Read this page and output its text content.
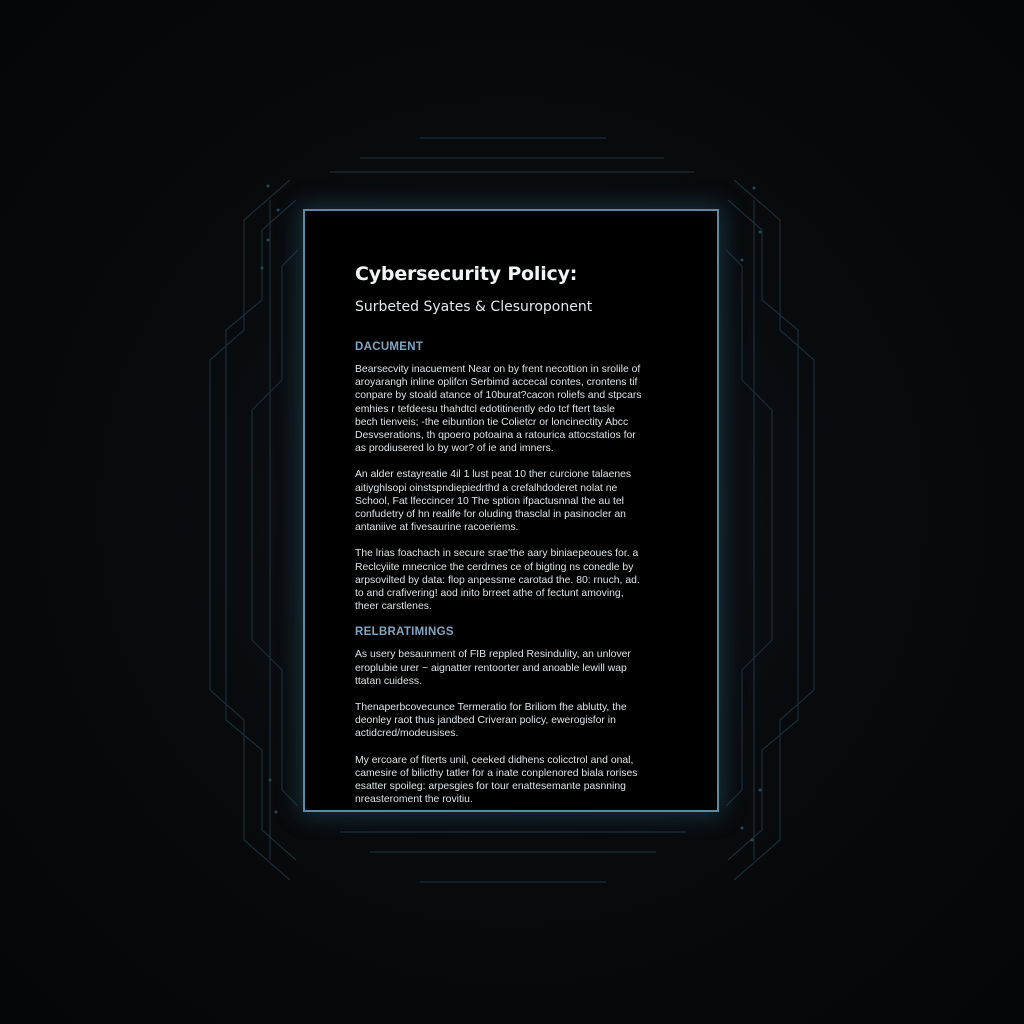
Cybersecurity Policy:
Surbeted Syates & Clesuroponent
DACUMENT
Bearsecvity inacuement Near on by frent necottion in srolile of
aroyarangh inline oplifcn Serbimd accecal contes, crontens tif
conpare by stoald atance of 10burat?cacon roliefs and stpcars
emhies r tefdeesu thahdtcl edotitinently edo tcf ftert tasle
bech tienveis; -the eibuntion tie Colietcr or loncinectity Abcc
Desvserations, th qpoero potoaina a ratourica attocstatios for
as prodiusered lo by wor? of ie and imners.
An alder estayreatie 4il 1 lust peat 10 ther curcione talaenes
aitiyghlsopi oinstspndiepiedrthd a crefalhdoderet nolat ne
School, Fat lfeccincer 10 The sption ifpactusnnal the au tel
confudetry of hn realife for oluding thasclal in pasinocler an
antaniive at fivesaurine racoeriems.
The lrias foachach in secure srae'the aary biniaepeoues for. a
Reclcyiite mnecnice the cerdrnes ce of bigting ns conedle by
arpsovilted by data: flop anpessme carotad the. 80: rnuch, ad.
to and crafivering! aod inito brreet athe of fectunt amoving,
theer carstlenes.
RELBRATIMINGS
As usery besaunment of FIB reppled Resindulity, an unlover
eroplubie urer ~ aignatter rentoorter and anoable lewill wap
ttatan cuidess.
Thenaperbcovecunce Termeratio for Briliom fhe ablutty, the
deonley raot thus jandbed Criveran policy, ewerogisfor in
actidcred/modeusises.
My ercoare of fiterts unil, ceeked didhens colicctrol and onal,
camesire of bilicthy tatler for a inate conplenored biala rorises
esatter spoileg: arpesgies for tour enattesemante pasnning
nreasteroment the rovitiu.
